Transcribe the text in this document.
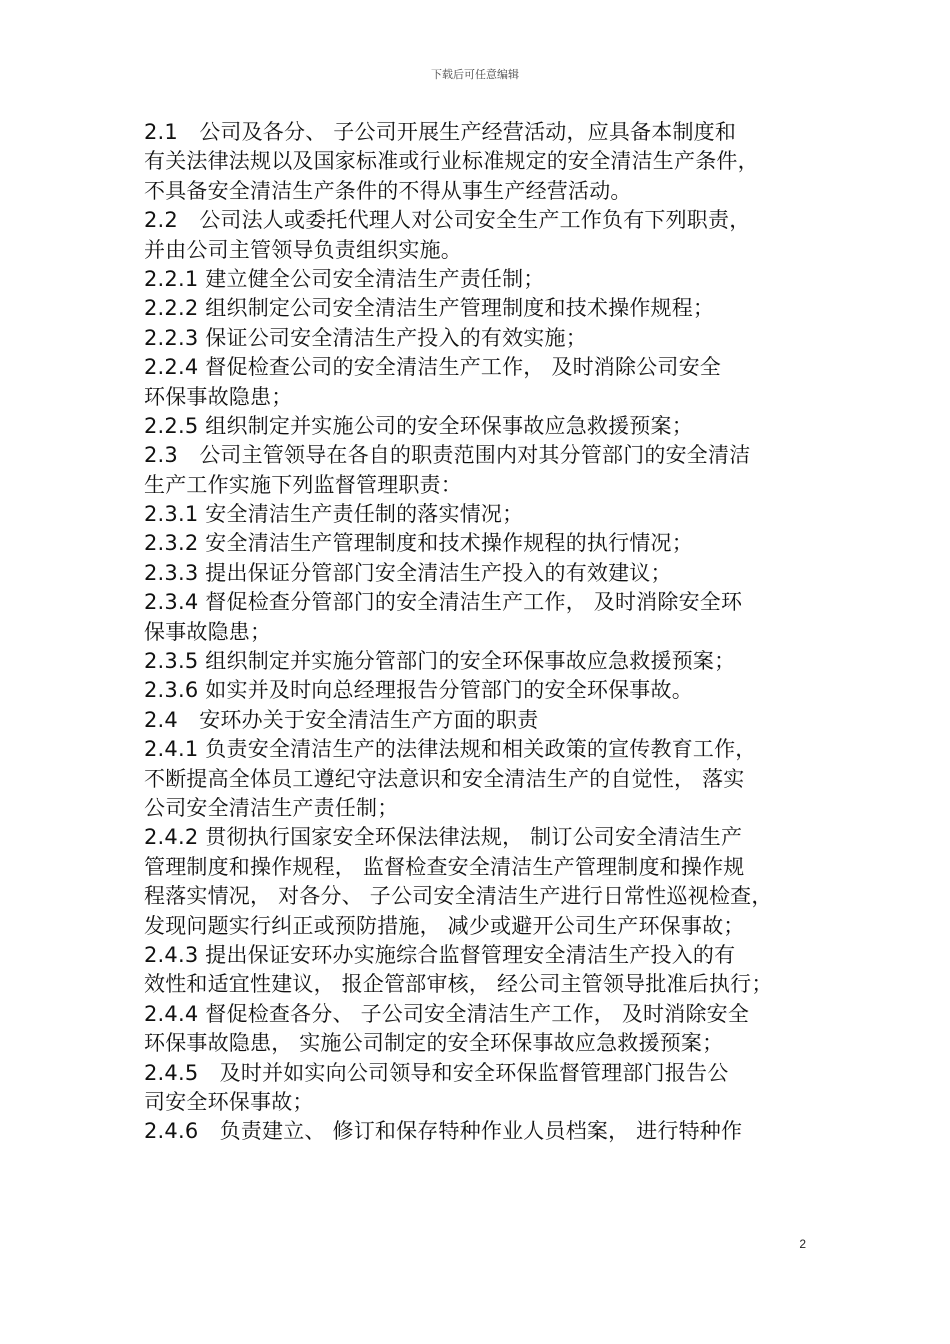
下载后可任意编辑
2.1　公司及各分、 子公司开展生产经营活动，应具备本制度和
有关法律法规以及国家标准或行业标准规定的安全清洁生产条件，
不具备安全清洁生产条件的不得从事生产经营活动。
2.2　公司法人或委托代理人对公司安全生产工作负有下列职责，
并由公司主管领导负责组织实施。
2.2.1 建立健全公司安全清洁生产责任制；
2.2.2 组织制定公司安全清洁生产管理制度和技术操作规程；
2.2.3 保证公司安全清洁生产投入的有效实施；
2.2.4 督促检查公司的安全清洁生产工作， 及时消除公司安全
环保事故隐患；
2.2.5 组织制定并实施公司的安全环保事故应急救援预案；
2.3　公司主管领导在各自的职责范围内对其分管部门的安全清洁
生产工作实施下列监督管理职责：
2.3.1 安全清洁生产责任制的落实情况；
2.3.2 安全清洁生产管理制度和技术操作规程的执行情况；
2.3.3 提出保证分管部门安全清洁生产投入的有效建议；
2.3.4 督促检查分管部门的安全清洁生产工作， 及时消除安全环
保事故隐患；
2.3.5 组织制定并实施分管部门的安全环保事故应急救援预案；
2.3.6 如实并及时向总经理报告分管部门的安全环保事故。
2.4　安环办关于安全清洁生产方面的职责
2.4.1 负责安全清洁生产的法律法规和相关政策的宣传教育工作，
不断提高全体员工遵纪守法意识和安全清洁生产的自觉性， 落实
公司安全清洁生产责任制；
2.4.2 贯彻执行国家安全环保法律法规， 制订公司安全清洁生产
管理制度和操作规程， 监督检查安全清洁生产管理制度和操作规
程落实情况， 对各分、 子公司安全清洁生产进行日常性巡视检查，
发现问题实行纠正或预防措施， 减少或避开公司生产环保事故；
2.4.3 提出保证安环办实施综合监督管理安全清洁生产投入的有
效性和适宜性建议， 报企管部审核， 经公司主管领导批准后执行；
2.4.4 督促检查各分、 子公司安全清洁生产工作， 及时消除安全
环保事故隐患， 实施公司制定的安全环保事故应急救援预案；
2.4.5　及时并如实向公司领导和安全环保监督管理部门报告公
司安全环保事故；
2.4.6　负责建立、 修订和保存特种作业人员档案， 进行特种作
2
